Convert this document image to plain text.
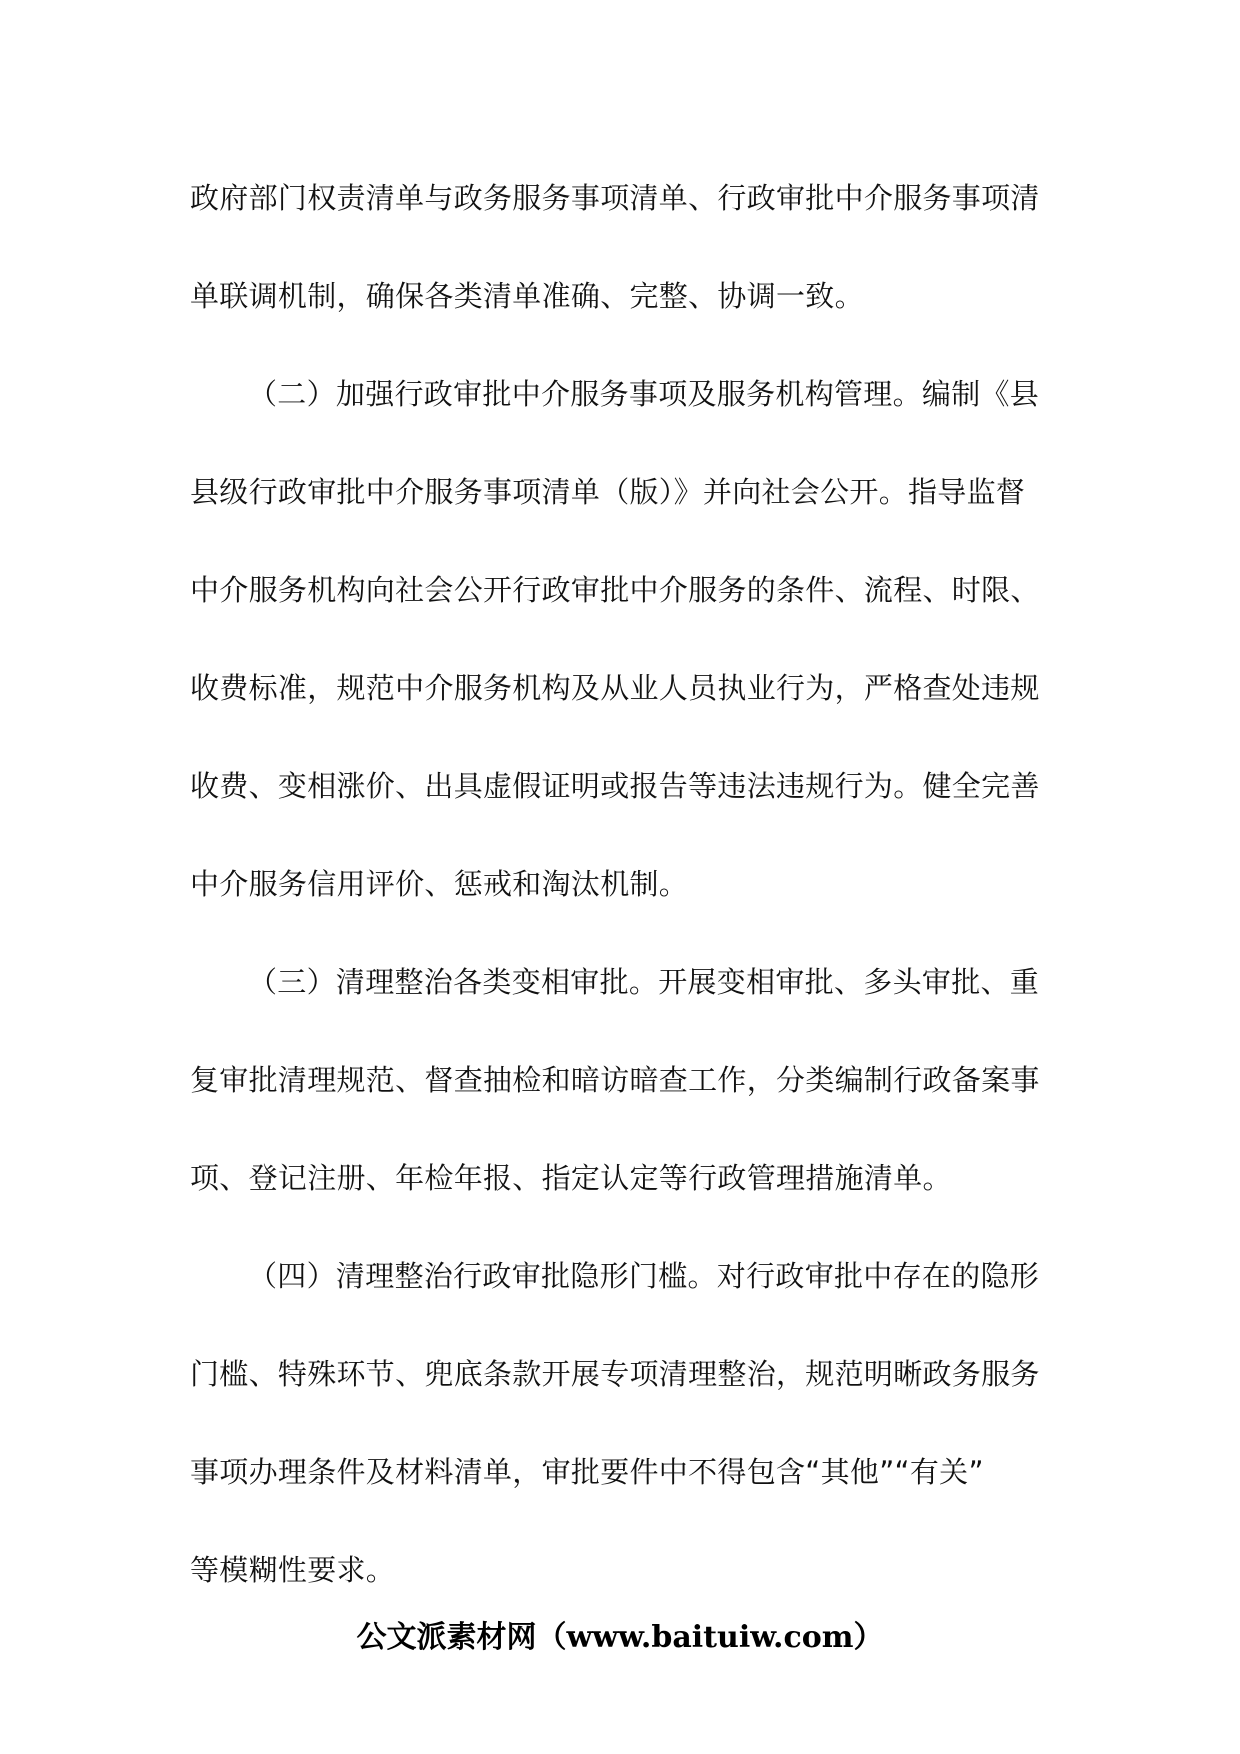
政府部门权责清单与政务服务事项清单、行政审批中介服务事项清
单联调机制，确保各类清单准确、完整、协调一致。
（二）加强行政审批中介服务事项及服务机构管理。编制《县
县级行政审批中介服务事项清单（版）》并向社会公开。指导监督
中介服务机构向社会公开行政审批中介服务的条件、流程、时限、
收费标准，规范中介服务机构及从业人员执业行为，严格查处违规
收费、变相涨价、出具虚假证明或报告等违法违规行为。健全完善
中介服务信用评价、惩戒和淘汰机制。
（三）清理整治各类变相审批。开展变相审批、多头审批、重
复审批清理规范、督查抽检和暗访暗查工作，分类编制行政备案事
项、登记注册、年检年报、指定认定等行政管理措施清单。
（四）清理整治行政审批隐形门槛。对行政审批中存在的隐形
门槛、特殊环节、兜底条款开展专项清理整治，规范明晰政务服务
事项办理条件及材料清单，审批要件中不得包含“其他”“有关”
等模糊性要求。
公文派素材网（www.baituiw.com）
